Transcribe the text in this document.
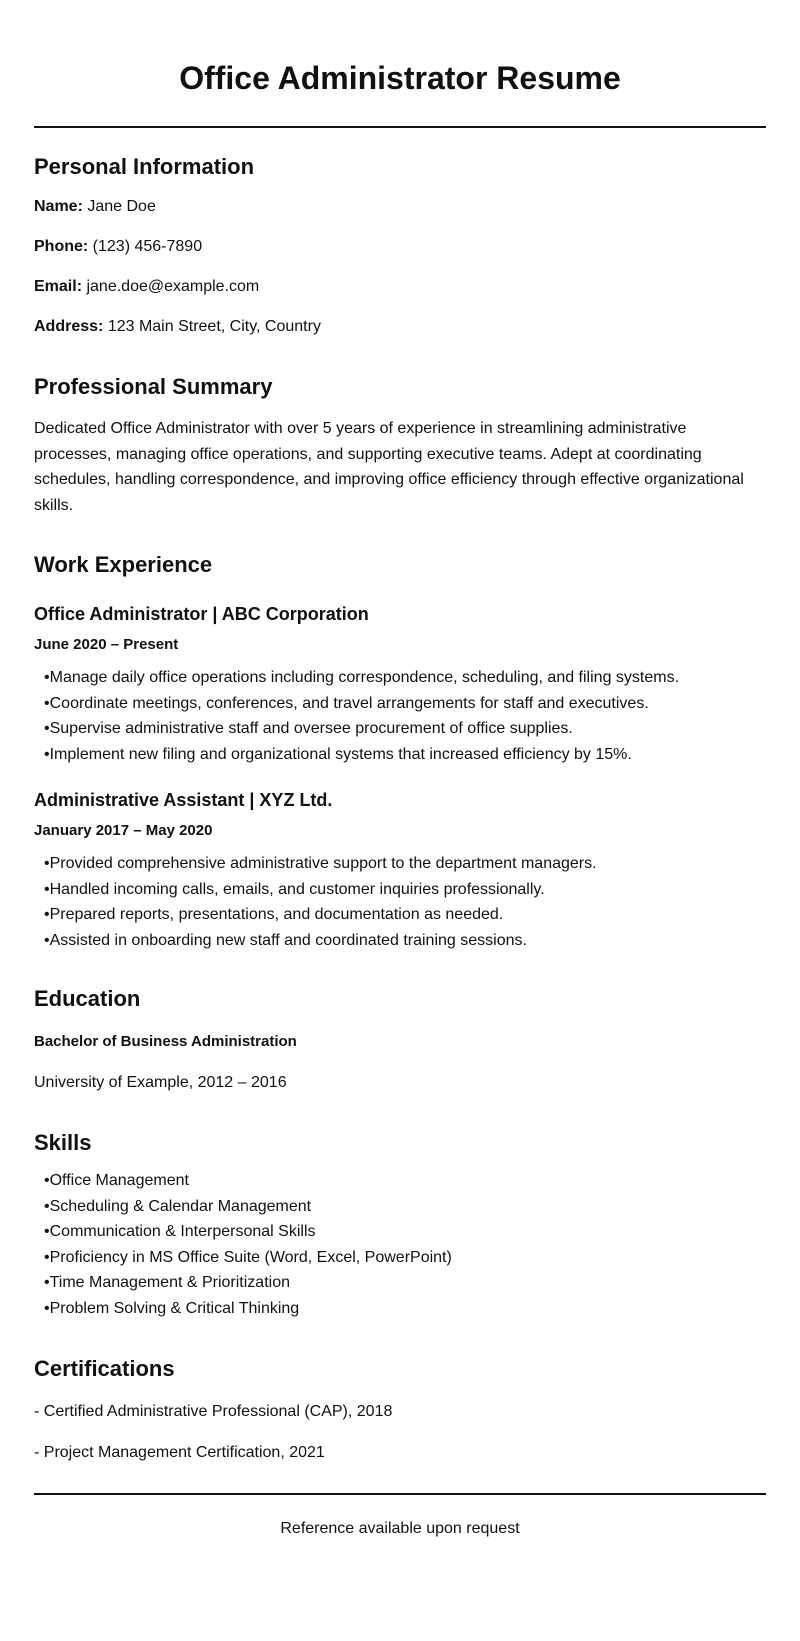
Office Administrator Resume
Personal Information

Name: Jane Doe

Phone: (123) 456-7890

Email: jane.doe@example.com

Address: 123 Main Street, City, Country

Professional Summary

Dedicated Office Administrator with over 5 years of experience in streamlining administrative processes, managing office operations, and supporting executive teams. Adept at coordinating schedules, handling correspondence, and improving office efficiency through effective organizational skills.

Work Experience
Office Administrator | ABC Corporation

June 2020 – Present

• Manage daily office operations including correspondence, scheduling, and filing systems.
• Coordinate meetings, conferences, and travel arrangements for staff and executives.
• Supervise administrative staff and oversee procurement of office supplies.
• Implement new filing and organizational systems that increased efficiency by 15%.
Administrative Assistant | XYZ Ltd.

January 2017 – May 2020

• Provided comprehensive administrative support to the department managers.
• Handled incoming calls, emails, and customer inquiries professionally.
• Prepared reports, presentations, and documentation as needed.
• Assisted in onboarding new staff and coordinated training sessions.
Education

Bachelor of Business Administration

University of Example, 2012 – 2016

Skills
• Office Management
• Scheduling & Calendar Management
• Communication & Interpersonal Skills
• Proficiency in MS Office Suite (Word, Excel, PowerPoint)
• Time Management & Prioritization
• Problem Solving & Critical Thinking
Certifications

- Certified Administrative Professional (CAP), 2018

- Project Management Certification, 2021

Reference available upon request
